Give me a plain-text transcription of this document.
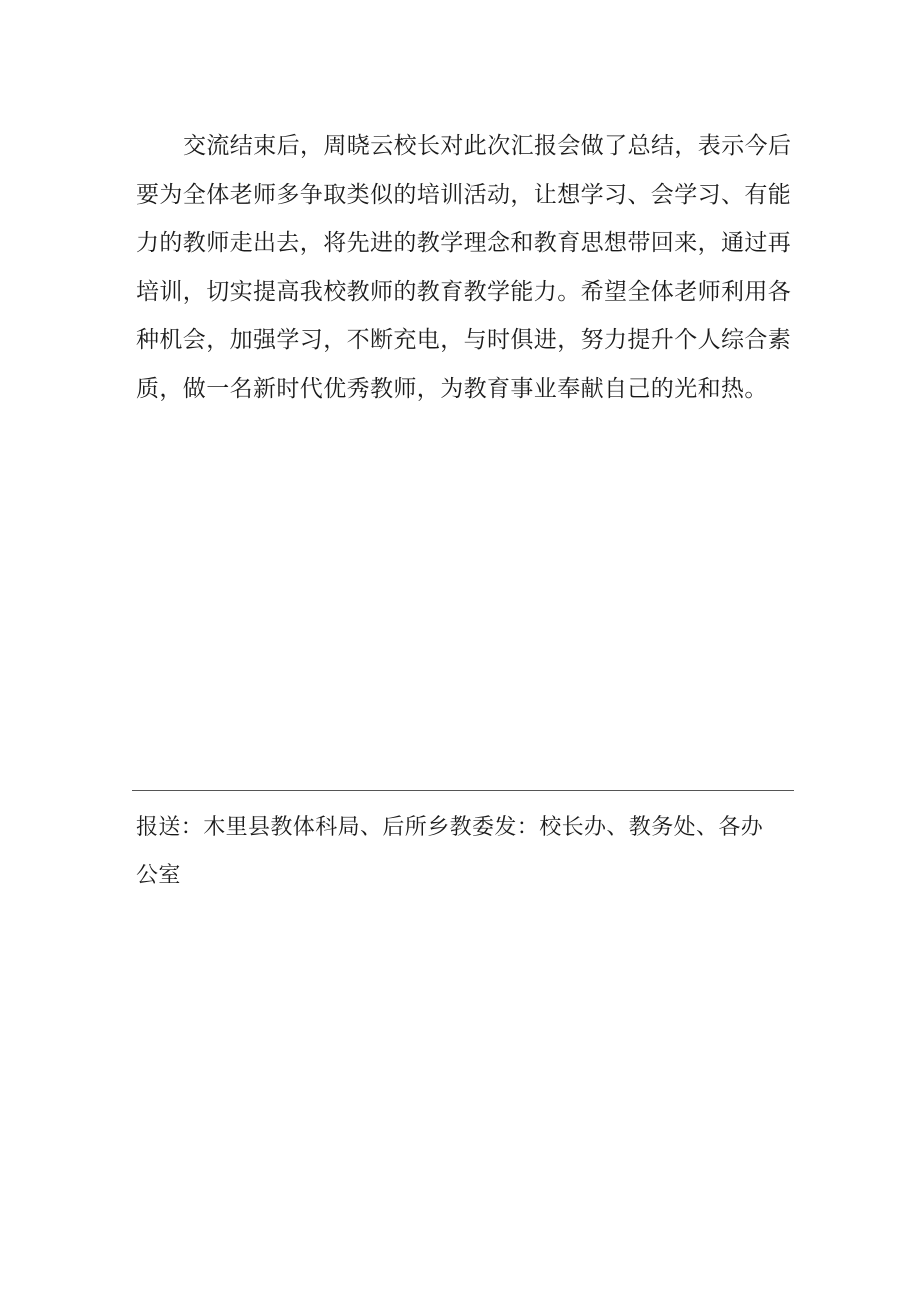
交流结束后，周晓云校长对此次汇报会做了总结，表示今后
要为全体老师多争取类似的培训活动，让想学习、会学习、有能
力的教师走出去，将先进的教学理念和教育思想带回来，通过再
培训，切实提高我校教师的教育教学能力。希望全体老师利用各
种机会，加强学习，不断充电，与时俱进，努力提升个人综合素
质，做一名新时代优秀教师，为教育事业奉献自己的光和热。

报送：木里县教体科局、后所乡教委发：校长办、教务处、各办
公室
